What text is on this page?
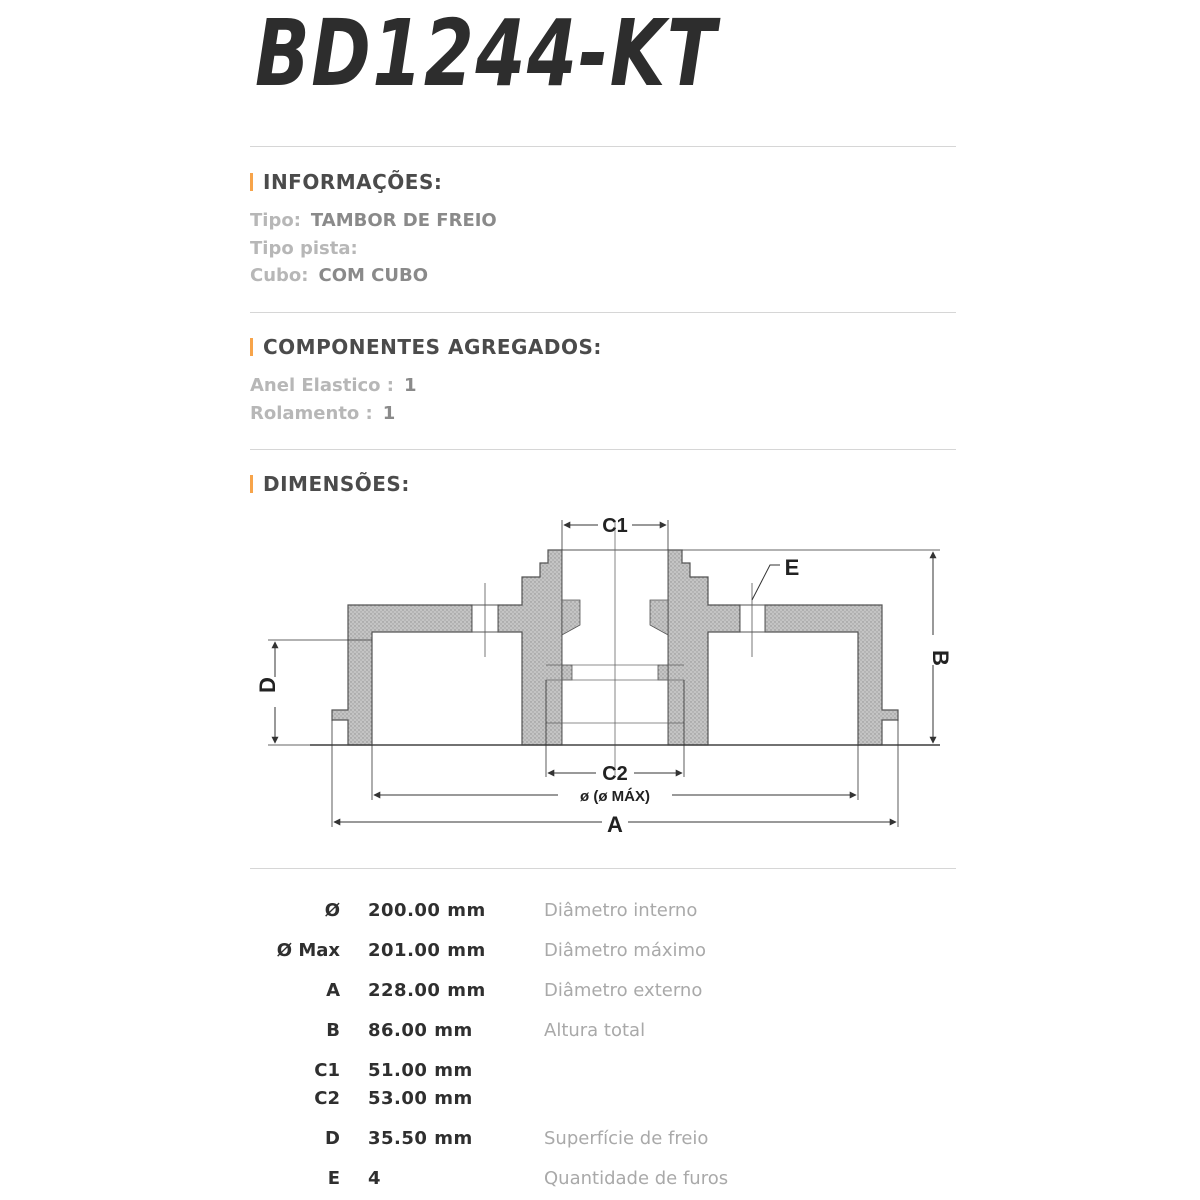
BD1244-KT
INFORMAÇÕES:
Tipo: TAMBOR DE FREIO
Tipo pista:
Cubo: COM CUBO
COMPONENTES AGREGADOS:
Anel Elastico : 1
Rolamento : 1
DIMENSÕES:
C1
C2
ø (ø MÁX)
A
B
D
E
Ø 200.00 mm	Diâmetro interno
Ø Max 201.00 mm	Diâmetro máximo
A 228.00 mm	Diâmetro externo
B 86.00 mm	Altura total
C1 51.00 mm
C2 53.00 mm
D 35.50 mm	Superfície de freio
E 4	Quantidade de furos
